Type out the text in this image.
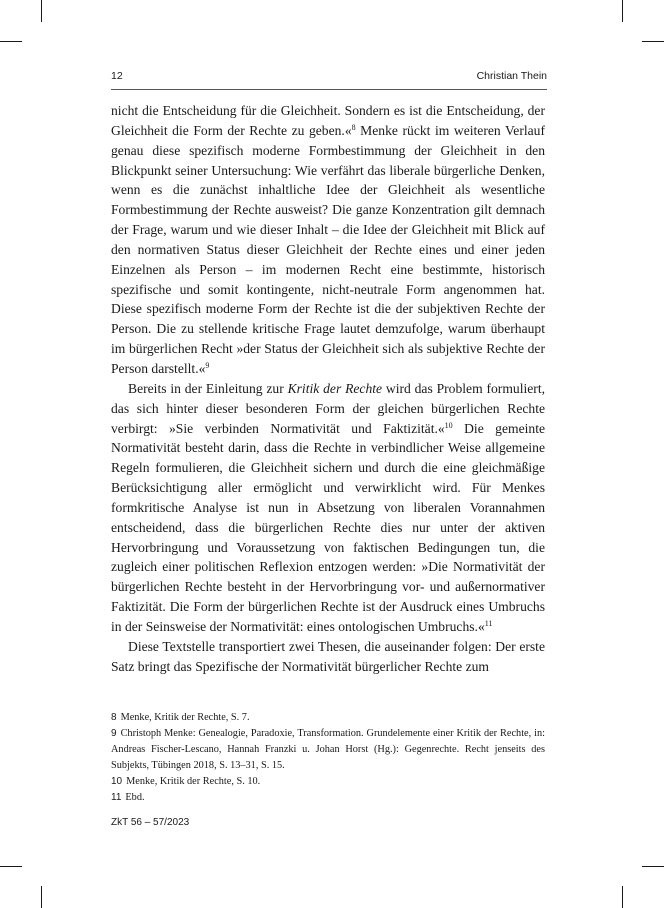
12	Christian Thein

nicht die Entscheidung für die Gleichheit. Sondern es ist die Entscheidung, der Gleichheit die Form der Rechte zu geben.«$^8$ Menke rückt im weiteren Verlauf genau diese spezifisch moderne Formbestimmung der Gleichheit in den Blickpunkt seiner Untersuchung: Wie verfährt das liberale bürgerliche Denken, wenn es die zunächst inhaltliche Idee der Gleichheit als wesentliche Formbestimmung der Rechte ausweist? Die ganze Konzentration gilt demnach der Frage, warum und wie dieser Inhalt – die Idee der Gleichheit mit Blick auf den normativen Status dieser Gleichheit der Rechte eines und einer jeden Einzelnen als Person – im modernen Recht eine bestimmte, historisch spezifische und somit kontingente, nicht-neutrale Form angenommen hat. Diese spezifisch moderne Form der Rechte ist die der subjektiven Rechte der Person. Die zu stellende kritische Frage lautet demzufolge, warum überhaupt im bürgerlichen Recht »der Status der Gleichheit sich als subjektive Rechte der Person darstellt.«$^9$

Bereits in der Einleitung zur Kritik der Rechte wird das Problem formuliert, das sich hinter dieser besonderen Form der gleichen bürgerlichen Rechte verbirgt: »Sie verbinden Normativität und Faktizität.«$^{10}$ Die gemeinte Normativität besteht darin, dass die Rechte in verbindlicher Weise allgemeine Regeln formulieren, die Gleichheit sichern und durch die eine gleichmäßige Berücksichtigung aller ermöglicht und verwirklicht wird. Für Menkes formkritische Analyse ist nun in Absetzung von liberalen Vorannahmen entscheidend, dass die bürgerlichen Rechte dies nur unter der aktiven Hervorbringung und Voraussetzung von faktischen Bedingungen tun, die zugleich einer politischen Reflexion entzogen werden: »Die Normativität der bürgerlichen Rechte besteht in der Hervorbringung vor- und außernormativer Faktizität. Die Form der bürgerlichen Rechte ist der Ausdruck eines Umbruchs in der Seinsweise der Normativität: eines ontologischen Umbruchs.«$^{11}$

Diese Textstelle transportiert zwei Thesen, die auseinander folgen: Der erste Satz bringt das Spezifische der Normativität bürgerlicher Rechte zum

8 Menke, Kritik der Rechte, S. 7.

9 Christoph Menke: Genealogie, Paradoxie, Transformation. Grundelemente einer Kritik der Rechte, in: Andreas Fischer-Lescano, Hannah Franzki u. Johan Horst (Hg.): Gegenrechte. Recht jenseits des Subjekts, Tübingen 2018, S. 13–31, S. 15.

10 Menke, Kritik der Rechte, S. 10.

11 Ebd.

ZkT 56 – 57/2023
